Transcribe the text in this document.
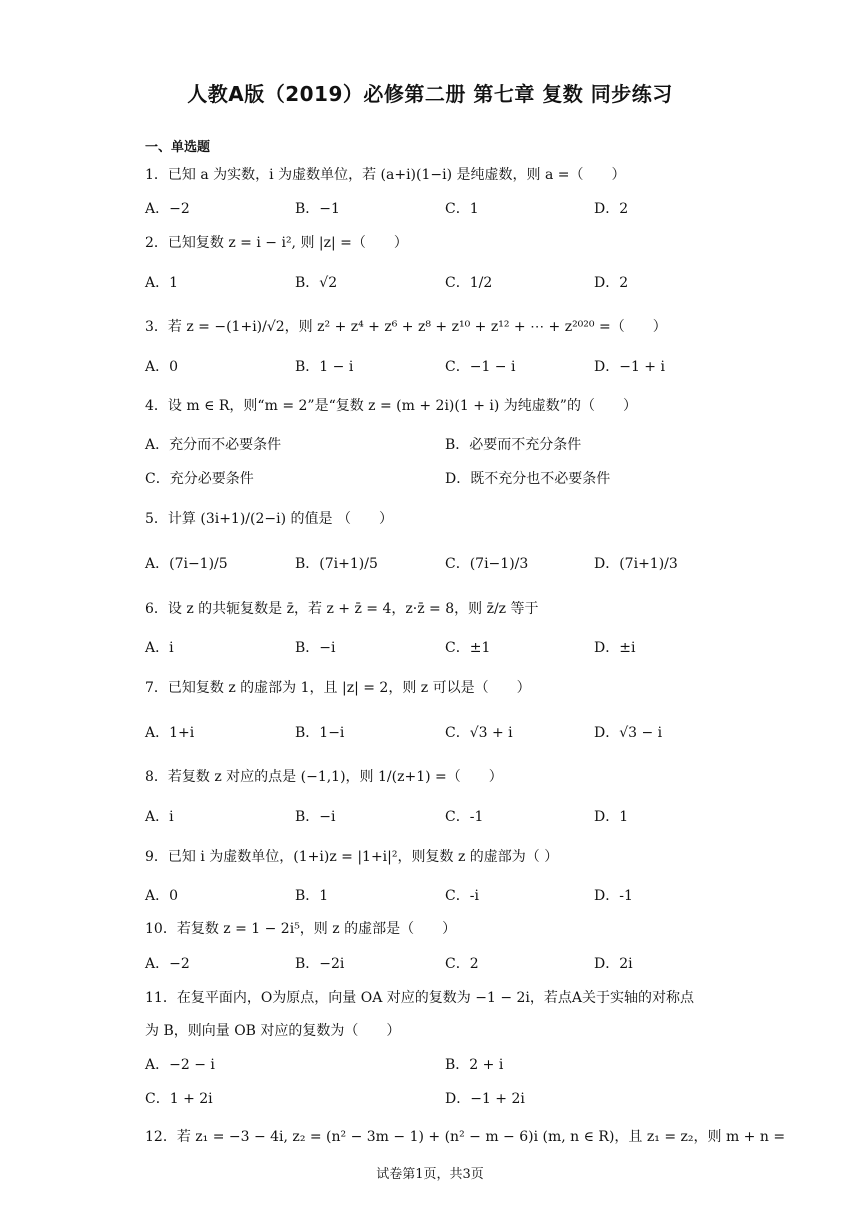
人教A版（2019）必修第二册 第七章 复数 同步练习
一、单选题
1．已知 a 为实数，i 为虚数单位，若 (a+i)(1−i) 是纯虚数，则 a =（　　）
A．−2	B．−1	C．1	D．2
2．已知复数 z = i − i², 则 |z| =（　　）
A．1	B．√2	C．1/2	D．2
3．若 z = −(1+i)/√2，则 z² + z⁴ + z⁶ + z⁸ + z¹⁰ + z¹² + ⋯ + z²⁰²⁰ =（　　）
A．0	B．1 − i	C．−1 − i	D．−1 + i
4．设 m ∈ R，则“m = 2”是“复数 z = (m + 2i)(1 + i) 为纯虚数”的（　　）
A．充分而不必要条件	B．必要而不充分条件
C．充分必要条件	D．既不充分也不必要条件
5．计算 (3i+1)/(2−i) 的值是 （　　）
A．(7i−1)/5	B．(7i+1)/5	C．(7i−1)/3	D．(7i+1)/3
6．设 z 的共轭复数是 z̄，若 z + z̄ = 4，z·z̄ = 8，则 z̄/z 等于
A．i	B．−i	C．±1	D．±i
7．已知复数 z 的虚部为 1，且 |z| = 2，则 z 可以是（　　）
A．1+i	B．1−i	C．√3 + i	D．√3 − i
8．若复数 z 对应的点是 (−1,1)，则 1/(z+1) =（　　）
A．i	B．−i	C．-1	D．1
9．已知 i 为虚数单位，(1+i)z = |1+i|²，则复数 z 的虚部为（ ）
A．0	B．1	C．-i	D．-1
10．若复数 z = 1 − 2i⁵，则 z 的虚部是（　　）
A．−2	B．−2i	C．2	D．2i
11．在复平面内，O为原点，向量 OA 对应的复数为 −1 − 2i，若点A关于实轴的对称点
为 B，则向量 OB 对应的复数为（　　）
A．−2 − i	B．2 + i
C．1 + 2i	D．−1 + 2i
12．若 z₁ = −3 − 4i, z₂ = (n² − 3m − 1) + (n² − m − 6)i (m, n ∈ R)，且 z₁ = z₂，则 m + n =
试卷第1页，共3页
